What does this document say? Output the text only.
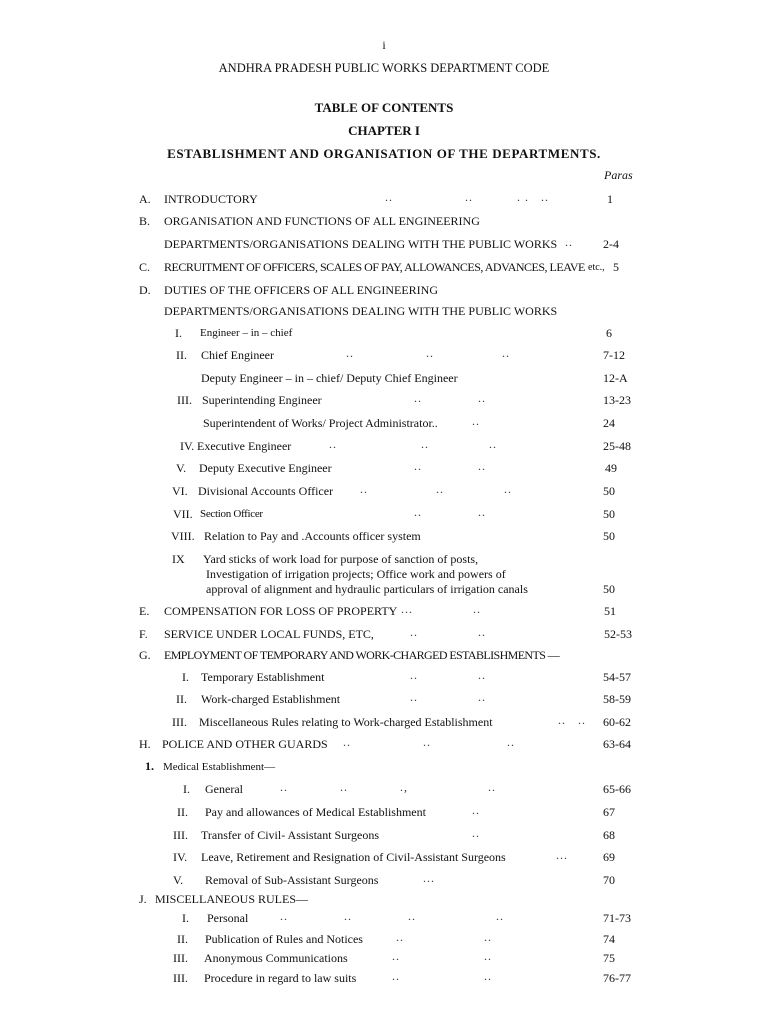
i
ANDHRA PRADESH PUBLIC WORKS DEPARTMENT CODE
TABLE OF CONTENTS
CHAPTER I
ESTABLISHMENT AND ORGANISATION OF THE DEPARTMENTS.
Paras
A. INTRODUCTORY	..                  ..           . .   ..	1
B. ORGANISATION AND FUNCTIONS OF ALL ENGINEERING
DEPARTMENTS/ORGANISATIONS DEALING WITH THE PUBLIC WORKS ..	2-4
C. RECRUITMENT OF OFFICERS, SCALES OF PAY, ALLOWANCES, ADVANCES, LEAVE etc., 5
D. DUTIES OF THE OFFICERS OF ALL ENGINEERING
DEPARTMENTS/ORGANISATIONS DEALING WITH THE PUBLIC WORKS
I. Engineer – in – chief	6
II. Chief Engineer	..                  ..                 ..	7-12
Deputy Engineer – in – chief/ Deputy Chief Engineer	12-A
III. Superintending Engineer	..              ..	13-23
Superintendent of Works/ Project Administrator..	..	24
IV. Executive Engineer	..                     ..               ..	25-48
V. Deputy Executive Engineer	..              ..	49
VI. Divisional Accounts Officer ..                 ..               ..	50
VII. Section Officer	..              ..	50
VIII. Relation to Pay and .Accounts officer system	50
IX Yard sticks of work load for purpose of sanction of posts,
Investigation of irrigation projects; Office work and powers of
approval of alignment and hydraulic particulars of irrigation canals	50
E. COMPENSATION FOR LOSS OF PROPERTY ...               ..	51
F. SERVICE UNDER LOCAL FUNDS, ETC,	..               ..	52-53
G. EMPLOYMENT OF TEMPORARY AND WORK-CHARGED ESTABLISHMENTS —
I. Temporary Establishment	..               ..	54-57
II. Work-charged Establishment	..               ..	58-59
III. Miscellaneous Rules relating to Work-charged Establishment	..   .. 60-62
H. POLICE AND OTHER GUARDS ..                  ..                   ..	63-64
1. Medical Establishment—
I. General	..             ..             .,                    ..	65-66
II. Pay and allowances of Medical Establishment	..	67
III. Transfer of Civil- Assistant Surgeons	..	68
IV. Leave, Retirement and Resignation of Civil-Assistant Surgeons	...	69
V. Removal of Sub-Assistant Surgeons	...	70
J. MISCELLANEOUS RULES—
I. Personal	..              ..              ..                    ..	71-73
II. Publication of Rules and Notices	..                    ..	74
III. Anonymous Communications	..                     ..	75
III. Procedure in regard to law suits	..                     ..	76-77
